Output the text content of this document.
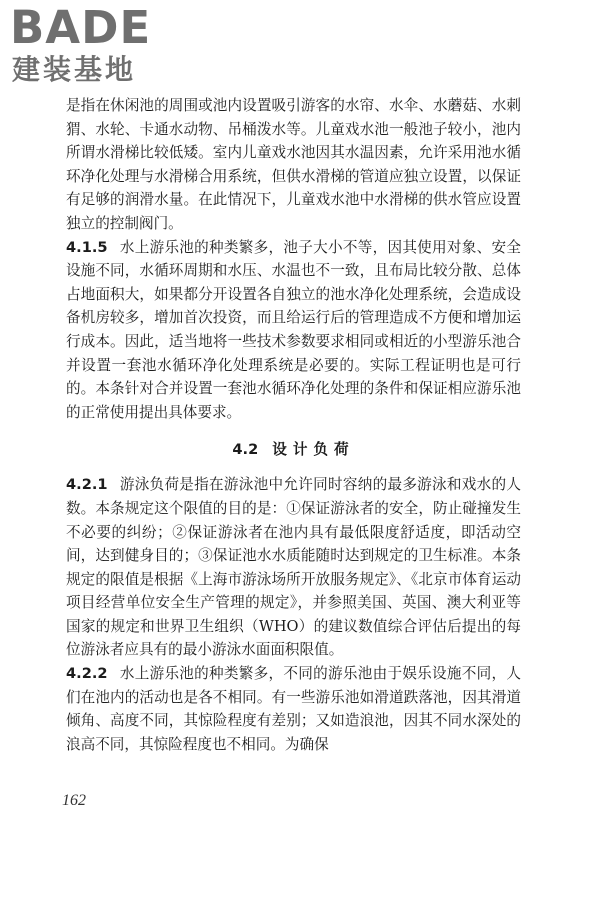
BADE
建装基地

是指在休闲池的周围或池内设置吸引游客的水帘、水伞、水蘑菇、水刺猬、水轮、卡通水动物、吊桶泼水等。儿童戏水池一般池子较小，池内所谓水滑梯比较低矮。室内儿童戏水池因其水温因素，允许采用池水循环净化处理与水滑梯合用系统，但供水滑梯的管道应独立设置，以保证有足够的润滑水量。在此情况下，儿童戏水池中水滑梯的供水管应设置独立的控制阀门。

4.1.5 水上游乐池的种类繁多，池子大小不等，因其使用对象、安全设施不同，水循环周期和水压、水温也不一致，且布局比较分散、总体占地面积大，如果都分开设置各自独立的池水净化处理系统，会造成设备机房较多，增加首次投资，而且给运行后的管理造成不方便和增加运行成本。因此，适当地将一些技术参数要求相同或相近的小型游乐池合并设置一套池水循环净化处理系统是必要的。实际工程证明也是可行的。本条针对合并设置一套池水循环净化处理的条件和保证相应游乐池的正常使用提出具体要求。

4.2 设计负荷

4.2.1 游泳负荷是指在游泳池中允许同时容纳的最多游泳和戏水的人数。本条规定这个限值的目的是：①保证游泳者的安全，防止碰撞发生不必要的纠纷；②保证游泳者在池内具有最低限度舒适度，即活动空间，达到健身目的；③保证池水水质能随时达到规定的卫生标准。本条规定的限值是根据《上海市游泳场所开放服务规定》、《北京市体育运动项目经营单位安全生产管理的规定》，并参照美国、英国、澳大利亚等国家的规定和世界卫生组织（WHO）的建议数值综合评估后提出的每位游泳者应具有的最小游泳水面面积限值。

4.2.2 水上游乐池的种类繁多，不同的游乐池由于娱乐设施不同，人们在池内的活动也是各不相同。有一些游乐池如滑道跌落池，因其滑道倾角、高度不同，其惊险程度有差别；又如造浪池，因其不同水深处的浪高不同，其惊险程度也不相同。为确保

162
